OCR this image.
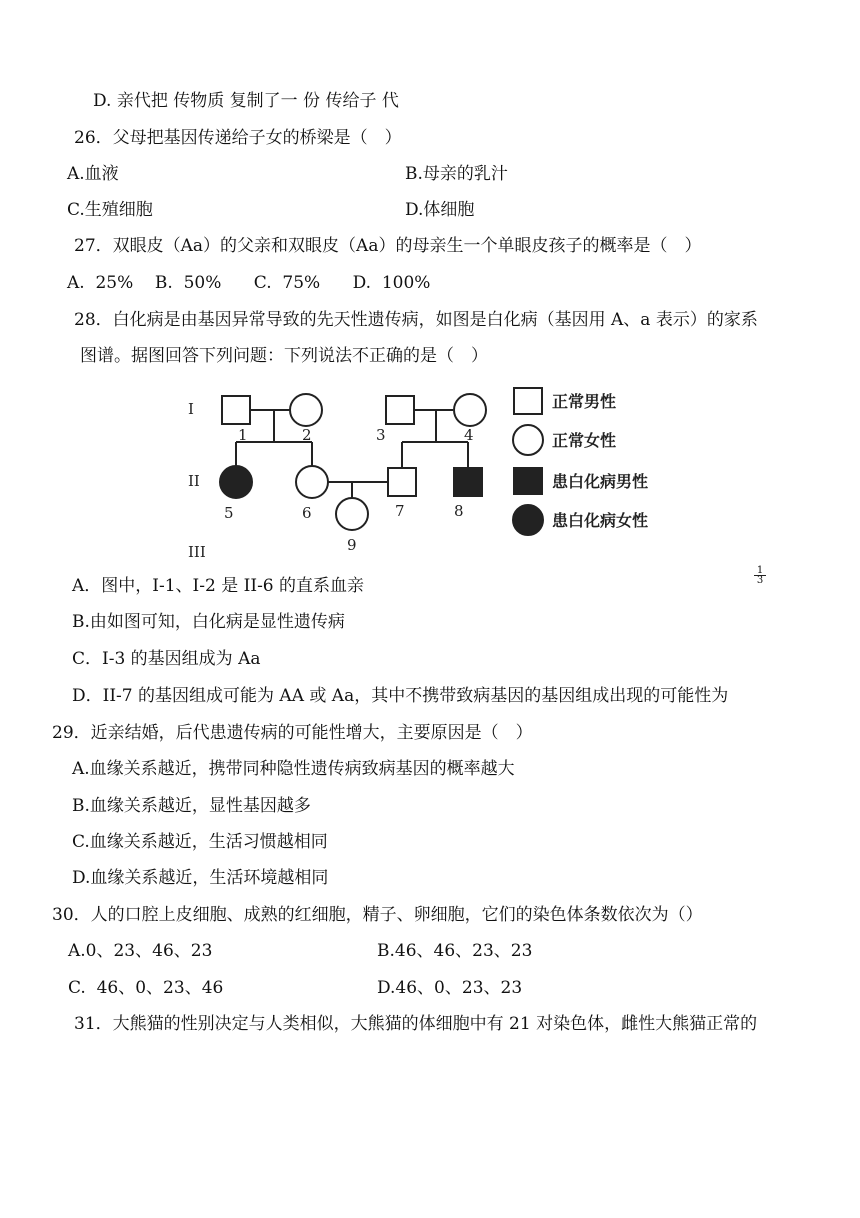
D. 亲代把 传物质 复制了一 份 传给子 代
26．父母把基因传递给子女的桥梁是（　）
A.血液	B.母亲的乳汁
C.生殖细胞	D.体细胞
27．双眼皮（Aa）的父亲和双眼皮（Aa）的母亲生一个单眼皮孩子的概率是（　）
A.  25%    B.  50%      C.  75%      D.  100%
28．白化病是由基因异常导致的先天性遗传病，如图是白化病（基因用 A、a 表示）的家系
图谱。据图回答下列问题：下列说法不正确的是（　）
I
II
III
1	2	3	4
5	6	7	8
9
正常男性
正常女性
患白化病男性
患白化病女性
$\frac{1}{3}$
A．图中，I-1、I-2 是 II-6 的直系血亲
B.由如图可知，白化病是显性遗传病
C．I-3 的基因组成为 Aa
D．II-7 的基因组成可能为 AA 或 Aa，其中不携带致病基因的基因组成出现的可能性为
29．近亲结婚，后代患遗传病的可能性增大，主要原因是（　）
A.血缘关系越近，携带同种隐性遗传病致病基因的概率越大
B.血缘关系越近，显性基因越多
C.血缘关系越近，生活习惯越相同
D.血缘关系越近，生活环境越相同
30．人的口腔上皮细胞、成熟的红细胞，精子、卵细胞，它们的染色体条数依次为（）
A.0、23、46、23	B.46、46、23、23
C.  46、0、23、46	D.46、0、23、23
31．大熊猫的性别决定与人类相似，大熊猫的体细胞中有 21 对染色体，雌性大熊猫正常的
